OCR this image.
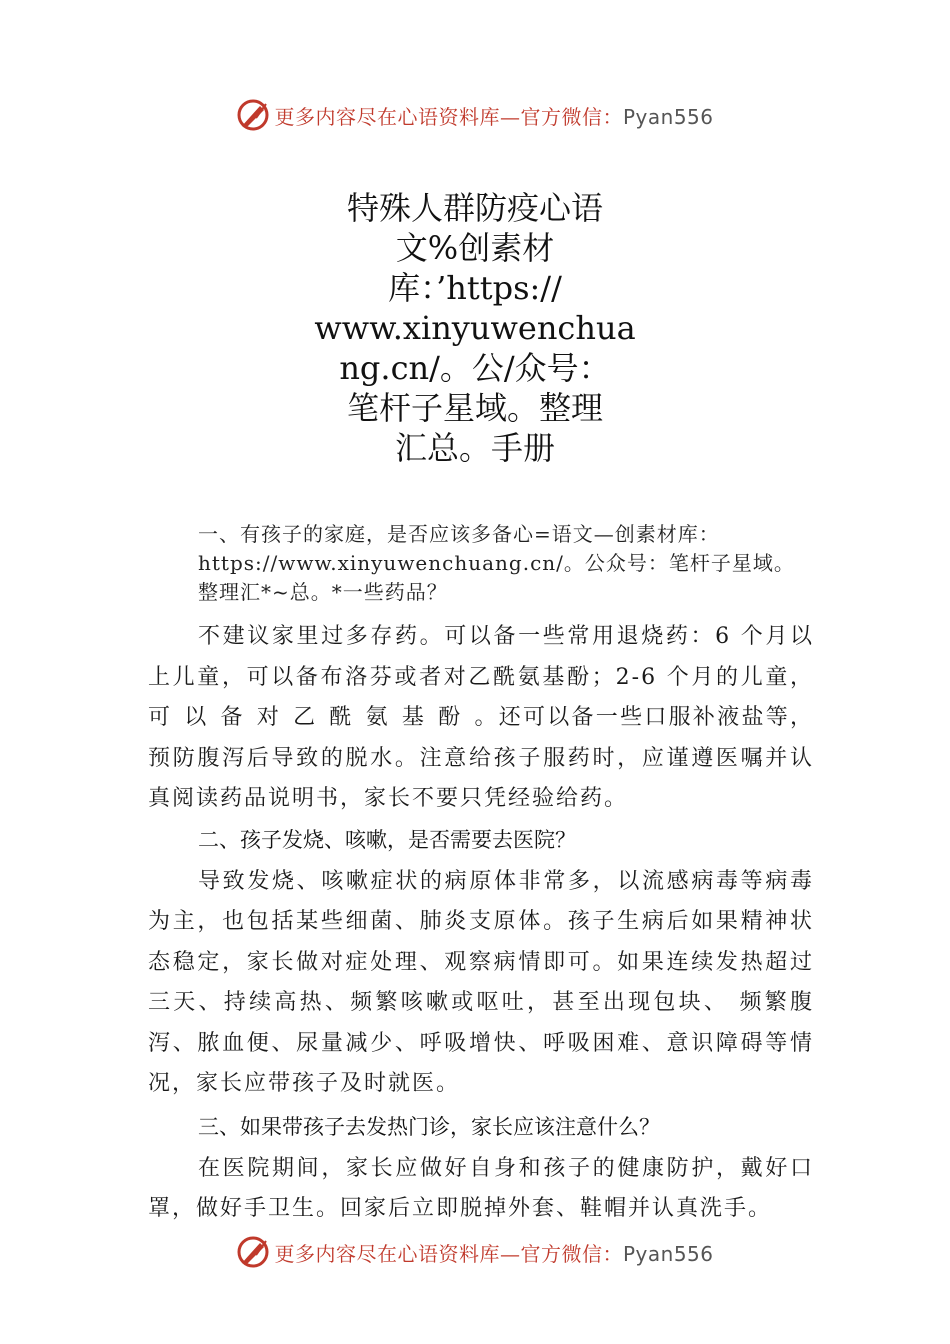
更多内容尽在心语资料库—官方微信：Pyan556
特殊人群防疫心语
文%创素材
库：’https://
www.xinyuwenchua
ng.cn/。公/众号：
笔杆子星域。整理
汇总。手册
一、有孩子的家庭，是否应该多备心=语文—创素材库：
https://www.xinyuwenchuang.cn/。公众号：笔杆子星域。
整理汇*~总。*一些药品？

不建议家里过多存药。可以备一些常用退烧药：6 个月以上儿童，可以备布洛芬或者对乙酰氨基酚；2-6 个月的儿童，可以备对乙酰氨基酚。还可以备一些口服补液盐等，预防腹泻后导致的脱水。注意给孩子服药时，应谨遵医嘱并认真阅读药品说明书，家长不要只凭经验给药。

二、孩子发烧、咳嗽，是否需要去医院？

导致发烧、咳嗽症状的病原体非常多，以流感病毒等病毒为主，也包括某些细菌、肺炎支原体。孩子生病后如果精神状态稳定，家长做对症处理、观察病情即可。如果连续发热超过三天、持续高热、频繁咳嗽或呕吐，甚至出现包块、 频繁腹泻、脓血便、尿量减少、呼吸增快、呼吸困难、意识障碍等情况，家长应带孩子及时就医。

三、如果带孩子去发热门诊，家长应该注意什么？

在医院期间，家长应做好自身和孩子的健康防护，戴好口罩，做好手卫生。回家后立即脱掉外套、鞋帽并认真洗手。

更多内容尽在心语资料库—官方微信：Pyan556
